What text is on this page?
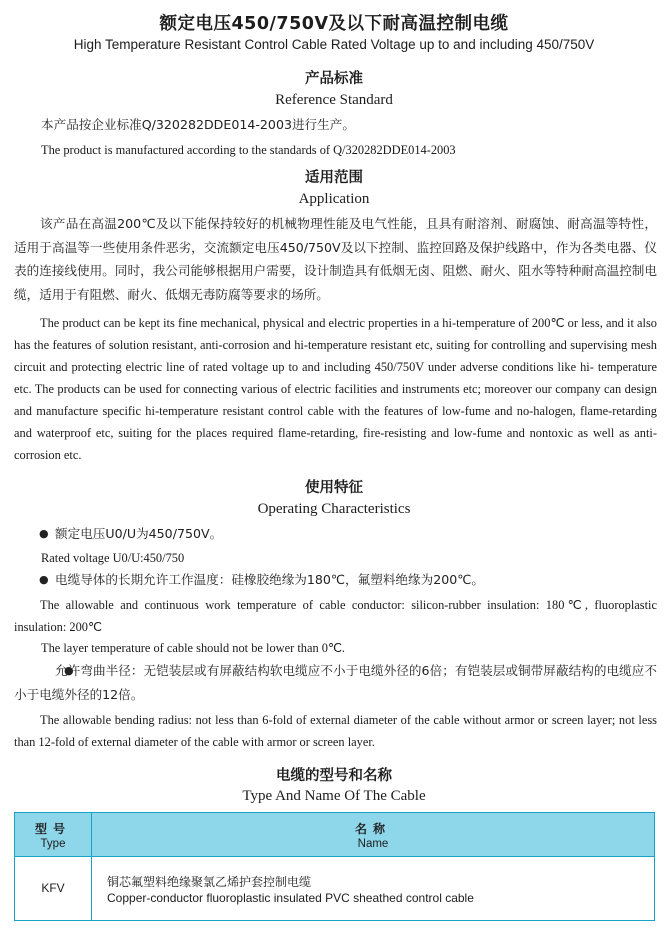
额定电压450/750V及以下耐高温控制电缆
High Temperature Resistant Control Cable Rated Voltage up to and including 450/750V
产品标准
Reference Standard
本产品按企业标准Q/320282DDE014-2003进行生产。
The product is manufactured according to the standards of Q/320282DDE014-2003
适用范围
Application
该产品在高温200℃及以下能保持较好的机械物理性能及电气性能，且具有耐溶剂、耐腐蚀、耐高温等特性，适用于高温等一些使用条件恶劣，交流额定电压450/750V及以下控制、监控回路及保护线路中，作为各类电器、仪表的连接线使用。同时，我公司能够根据用户需要，设计制造具有低烟无卤、阻燃、耐火、阻水等特种耐高温控制电缆，适用于有阻燃、耐火、低烟无毒防腐等要求的场所。
The product can be kept its fine mechanical, physical and electric properties in a hi-temperature of 200℃ or less, and it also has the features of solution resistant, anti-corrosion and hi-temperature resistant etc, suiting for controlling and supervising mesh circuit and protecting electric line of rated voltage up to and including 450/750V under adverse conditions like hi- temperature etc. The products can be used for connecting various of electric facilities and instruments etc; moreover our company can design and manufacture specific hi-temperature resistant control cable with the features of low-fume and no-halogen, flame-retarding and waterproof etc, suiting for the places required flame-retarding, fire-resisting and low-fume and nontoxic as well as anti-corrosion etc.
使用特征
Operating Characteristics
● 额定电压U0/U为450/750V。
Rated voltage U0/U:450/750
● 电缆导体的长期允许工作温度：硅橡胶绝缘为180℃，氟塑料绝缘为200℃。
The allowable and continuous work temperature of cable conductor: silicon-rubber insulation: 180℃, fluoroplastic insulation: 200℃
The layer temperature of cable should not be lower than 0℃.
● 允许弯曲半径：无铠装层或有屏蔽结构软电缆应不小于电缆外径的6倍；有铠装层或铜带屏蔽结构的电缆应不小于电缆外径的12倍。
The allowable bending radius: not less than 6-fold of external diameter of the cable without armor or screen layer; not less than 12-fold of external diameter of the cable with armor or screen layer.
电缆的型号和名称
Type And Name Of The Cable
型号
Type
名称
Name
KFV	铜芯氟塑料绝缘聚氯乙烯护套控制电缆
Copper-conductor fluoroplastic insulated PVC sheathed control cable
